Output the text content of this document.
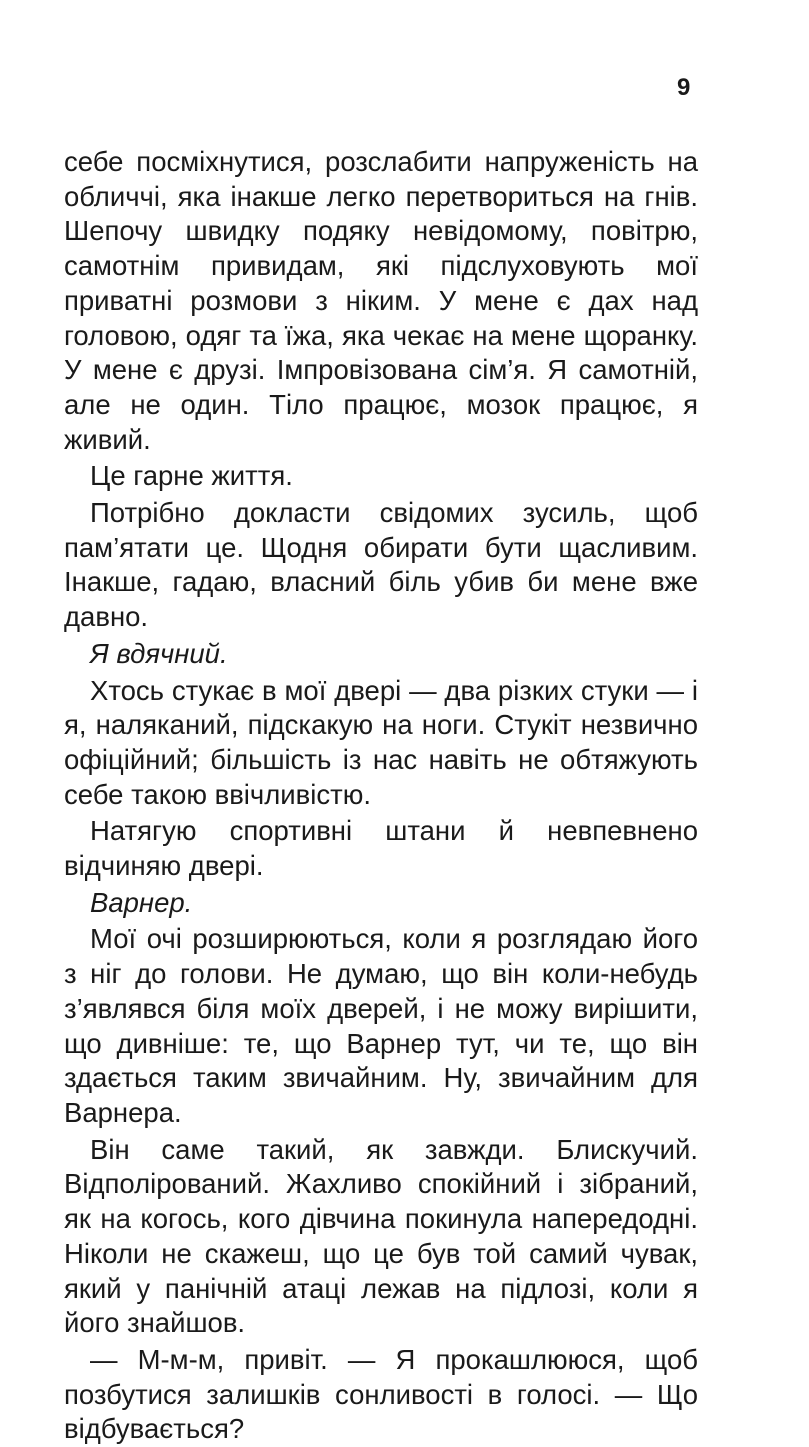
9

себе посміхнутися, розслабити напруженість на обличчі, яка інакше легко перетвориться на гнів. Шепочу швидку подяку невідомому, повітрю, самотнім привидам, які підслуховують мої приватні розмови з ніким. У мене є дах над головою, одяг та їжа, яка чекає на мене щоранку. У мене є друзі. Імпровізована сім’я. Я самотній, але не один. Тіло працює, мозок працює, я живий.

Це гарне життя.

Потрібно докласти свідомих зусиль, щоб пам’ятати це. Щодня обирати бути щасливим. Інакше, гадаю, власний біль убив би мене вже давно.

Я вдячний.

Хтось стукає в мої двері — два різких стуки — і я, наляканий, підскакую на ноги. Стукіт незвично офіційний; більшість із нас навіть не обтяжують себе такою ввічливістю.

Натягую спортивні штани й невпевнено відчиняю двері.

Варнер.

Мої очі розширюються, коли я розглядаю його з ніг до голови. Не думаю, що він коли-небудь з’являвся біля моїх дверей, і не можу вирішити, що дивніше: те, що Варнер тут, чи те, що він здається таким звичайним. Ну, звичайним для Варнера.

Він саме такий, як завжди. Блискучий. Відполірований. Жахливо спокійний і зібраний, як на когось, кого дівчина покинула напередодні. Ніколи не скажеш, що це був той самий чувак, який у панічній атаці лежав на підлозі, коли я його знайшов.

— М-м-м, привіт. — Я прокашлююся, щоб позбутися залишків сонливості в голосі. — Що відбувається?
